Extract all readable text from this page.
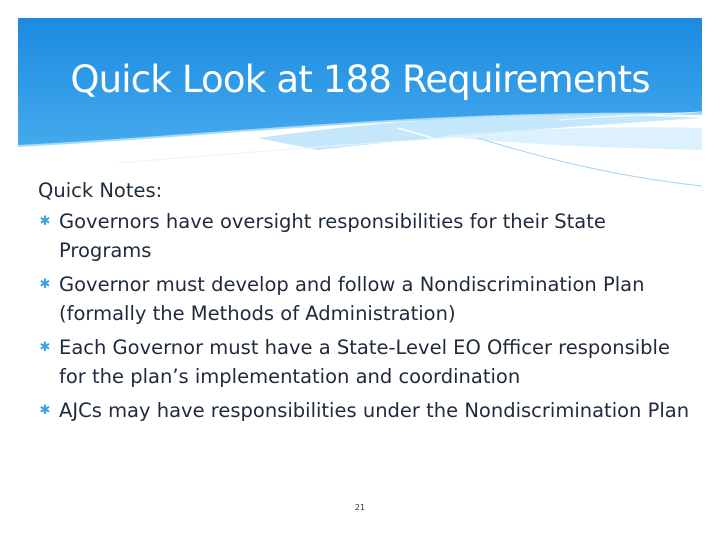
Quick Look at 188 Requirements
Quick Notes:
✱ Governors have oversight responsibilities for their State Programs
✱ Governor must develop and follow a Nondiscrimination Plan (formally the Methods of Administration)
✱ Each Governor must have a State-Level EO Officer responsible for the plan’s implementation and coordination
✱ AJCs may have responsibilities under the Nondiscrimination Plan
21
